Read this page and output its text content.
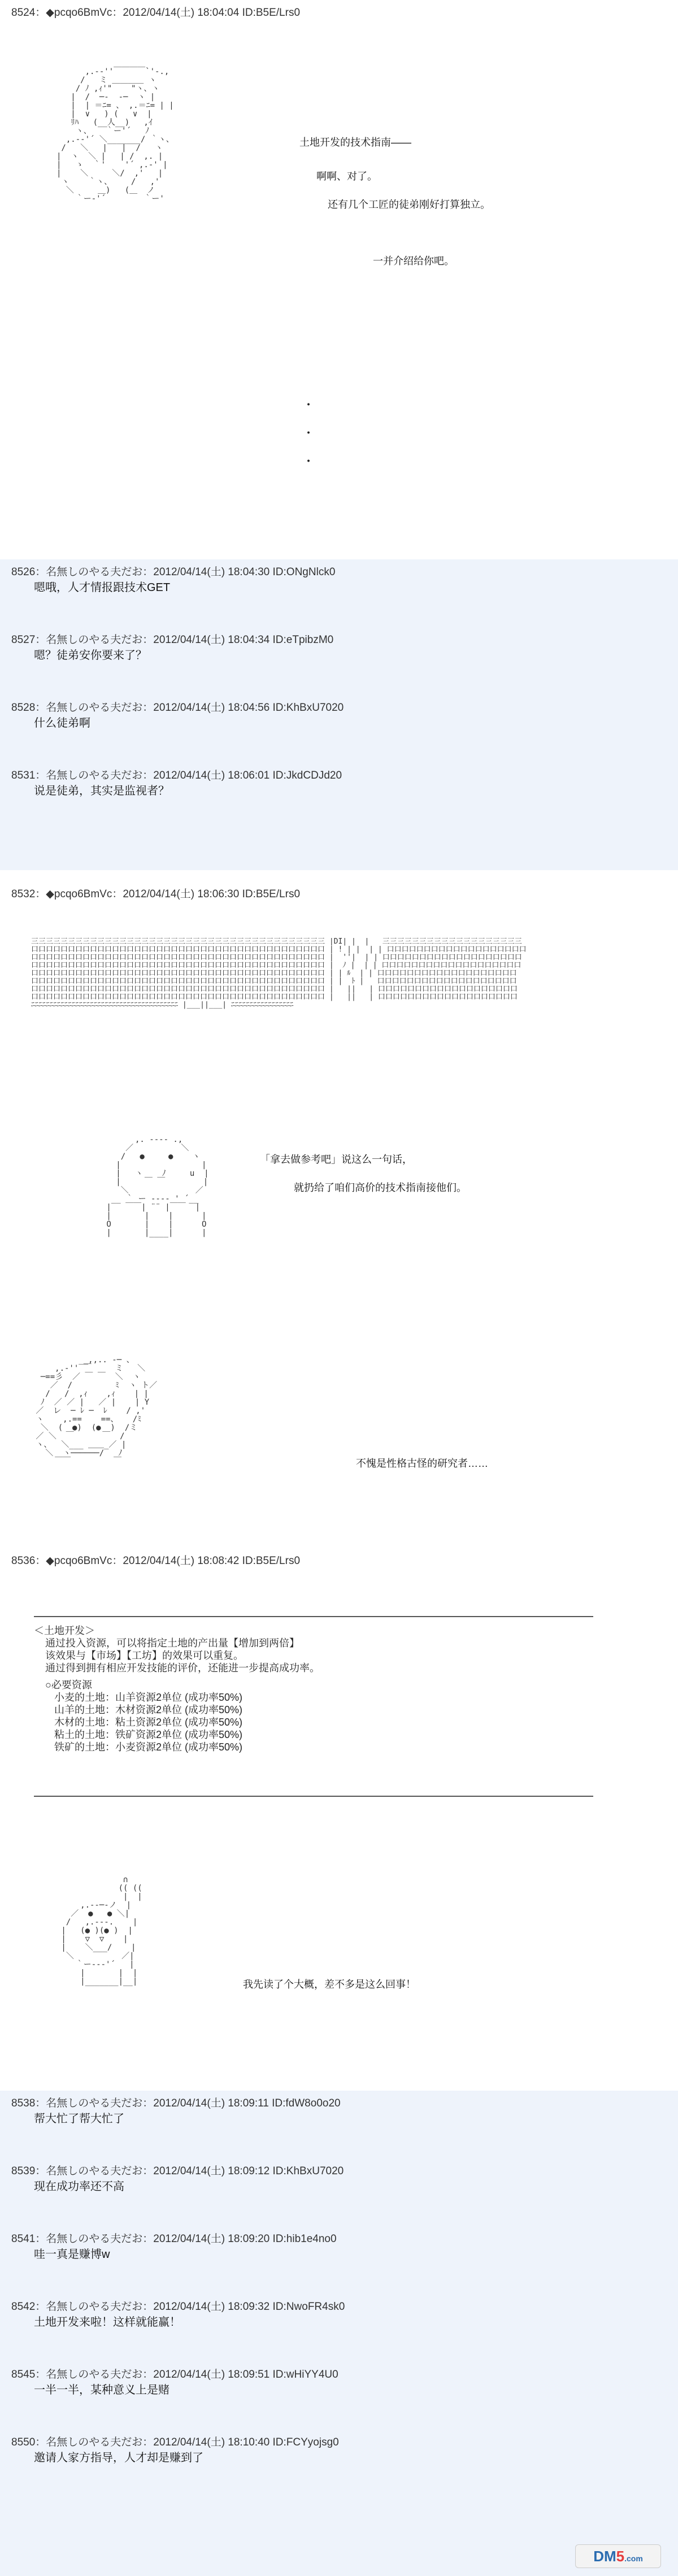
8524：◆pcqo6BmVc：2012/04/14(土) 18:04:04 ID:B5E/Lrs0
,.-‐''￣￣￣￣`'-.,
/   ミ ＿＿＿＿ ヽ
/ ﾉ ,ｨ'"    "ヽ、ヽ
|  /  ─‐  ‐─  ヽ |
|  | ＝ﾆ= 、 ,.＝ﾆ= | |
|  ∨   ) (   ∨  |
ﾘﾊ   (__人__)   ,ｲ
ヽ、   ｀ー'´   ﾉ
,.-‐'´ ＼_______/ ｀ヽ、
/   ＼   |   |  /   ヽ
|  ヽ  ＼ |   | /  ,. |
|   ゝ  ｀'    '´ ,.-' |
|    ＼     ＼/  ,'   |
ヽ    ｀ヽ、    /   ,'
＼     ＿)   (＿  ノ
｀ー‐'´        ｀ー'
土地开发的技术指南——
啊啊、对了。
还有几个工匠的徒弟刚好打算独立。
一并介绍给你吧。
・
・
・
8526：名無しのやる夫だお：2012/04/14(土) 18:04:30 ID:ONgNlck0
嗯哦，人才情报跟技术GET
8527：名無しのやる夫だお：2012/04/14(土) 18:04:34 ID:eTpibzM0
嗯？徒弟安你要来了？
8528：名無しのやる夫だお：2012/04/14(土) 18:04:56 ID:KhBxU7020
什么徒弟啊
8531：名無しのやる夫だお：2012/04/14(土) 18:06:01 ID:JkdCDJd20
说是徒弟，其实是监视者？
8532：◆pcqo6BmVc：2012/04/14(土) 18:06:30 ID:B5E/Lrs0
三三三三三三三三三三三三三三三三三三三三三三三三三三三三三三三三三三三三三三三三 |DI| |  |   三三三三三三三三三三三三三三三三三三三
口口口口口口口口口口口口口口口口口口口口口口口口口口口口口口口口口口口口口口口口 | ! | |  | | 口口口口口口口口口口口口口口口口口口口
口口口口口口口口口口口口口口口口口口口口口口口口口口口口口口口口口口口口口口口口 |  ''|  | | 口口口口口口口口口口口口口口口口口口口
口口口口口口口口口口口口口口口口口口口口口口口口口口口口口口口口口口口口口口口口 |  ﾉ |  | | 口口口口口口口口口口口口口口口口口口口
口口口口口口口口口口口口口口口口口口口口口口口口口口口口口口口口口口口口口口口口 | | ﾙ  | | 口口口口口口口口口口口口口口口口口口口
口口口口口口口口口口口口口口口口口口口口口口口口口口口口口口口口口口口口口口口口 | |  ﾄ |   口口口口口口口口口口口口口口口口口口口
口口口口口口口口口口口口口口口口口口口口口口口口口口口口口口口口口口口口口口口口 |   ||   | 口口口口口口口口口口口口口口口口口口口
口口口口口口口口口口口口口口口口口口口口口口口口口口口口口口口口口口口口口口口口 |   ||   | 口口口口口口口口口口口口口口口口口口口
ﾆﾆﾆﾆﾆﾆﾆﾆﾆﾆﾆﾆﾆﾆﾆﾆﾆﾆﾆﾆﾆﾆﾆﾆﾆﾆﾆﾆﾆﾆﾆﾆﾆﾆﾆﾆﾆﾆﾆﾆ |___||___| ﾆﾆﾆﾆﾆﾆﾆﾆﾆﾆﾆﾆﾆﾆﾆﾆﾆ
,. -‐‐- .,
／          ＼
/   ●     ●    ヽ
|                 |
|   ヽ    ﾉ     u  |
|     ￣ ￣        |
＼              ／
__ ｀ ー ‐‐‐‐ ' ´__
|   ￣￣| ¨¨ |￣￣  |
|       |    |      |
O       |    |      O
|       |____|      |
「拿去做参考吧」说这么一句话，
就扔给了咱们高价的技术指南接他们。
__,,.. -─ 、
,.-'' ￣     ミ   ＼
─==彡  ／ ￣ ￣  ＼  ヽ
／  /         ﾐ  ヽ ト／
/   /  ,ｨ    ,ｨ    | |
ﾉ  ／ ／ |   ／ |    | Y
／  レ  ─ ﾚ ─  ﾚ    / ,'
ヽ    ,.==    ==、   /ﾐ
＼  (  ●)  (●  )  /ミ
／ ＼  ￣      ￣  /
ヽ、  ＼___ ＿＿_／ |
＼  ヽ──────/   ﾉ
￣￣         ￣	不愧是性格古怪的研究者……
8536：◆pcqo6BmVc：2012/04/14(土) 18:08:42 ID:B5E/Lrs0
＜土地开发＞
通过投入资源，可以将指定土地的产出量【增加到两倍】
该效果与【市场】【工坊】的效果可以重复。
通过得到拥有相应开发技能的评价，还能进一步提高成功率。
○必要资源
小麦的土地：山羊资源2单位 (成功率50%)
山羊的土地：木材资源2单位 (成功率50%)
木材的土地：粘土资源2单位 (成功率50%)
粘土的土地：铁矿资源2单位 (成功率50%)
铁矿的土地：小麦资源2单位 (成功率50%)
∩
(( ((
|  |
,.-‐─‐ノ  |
／  ●   ● ＼|
/   ,.---.    |
|   (● )(● )  |
|    ▽  ▽    |
|    ＼___/    |
＼          ／|
｀ー‐‐‐'´   |
|       |  |
|_______|__|	我先读了个大概，差不多是这么回事！
8538：名無しのやる夫だお：2012/04/14(土) 18:09:11 ID:fdW8o0o20
帮大忙了帮大忙了
8539：名無しのやる夫だお：2012/04/14(土) 18:09:12 ID:KhBxU7020
现在成功率还不高
8541：名無しのやる夫だお：2012/04/14(土) 18:09:20 ID:hib1e4no0
哇一真是赚博w
8542：名無しのやる夫だお：2012/04/14(土) 18:09:32 ID:NwoFR4sk0
土地开发来啦！这样就能赢！
8545：名無しのやる夫だお：2012/04/14(土) 18:09:51 ID:wHiYY4U0
一半一半，某种意义上是赌
8550：名無しのやる夫だお：2012/04/14(土) 18:10:40 ID:FCYyojsg0
邀请人家方指导，人才却是赚到了
DM5.com
